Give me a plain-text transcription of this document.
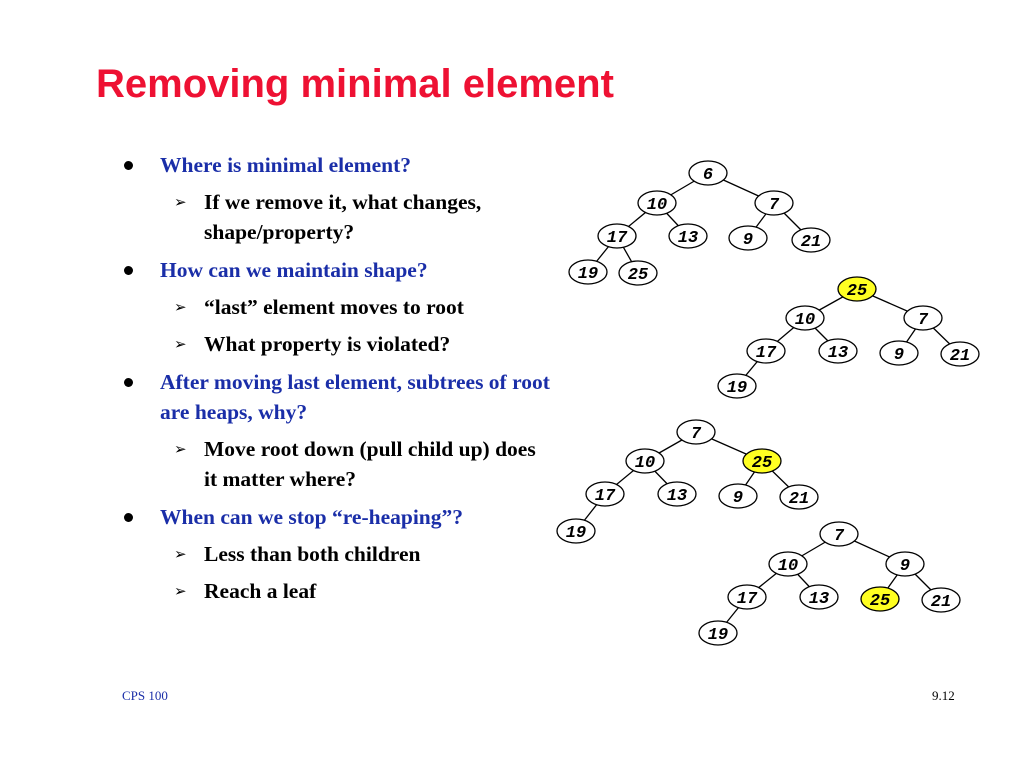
Removing minimal element
Where is minimal element?
➢ If we remove it, what changes, shape/property?
How can we maintain shape?
➢ “last” element moves to root
➢ What property is violated?
After moving last element, subtrees of root are heaps, why?
➢ Move root down (pull child up) does it matter where?
When can we stop “re-heaping”?
➢ Less than both children
➢ Reach a leaf
6
10	7
17	13	9	21
19 25
25
10	7
17	13	9	21
19
7
10	25
17	13	9	21
19	7
10	9
17	13 25 21
19
CPS 100	9.12
